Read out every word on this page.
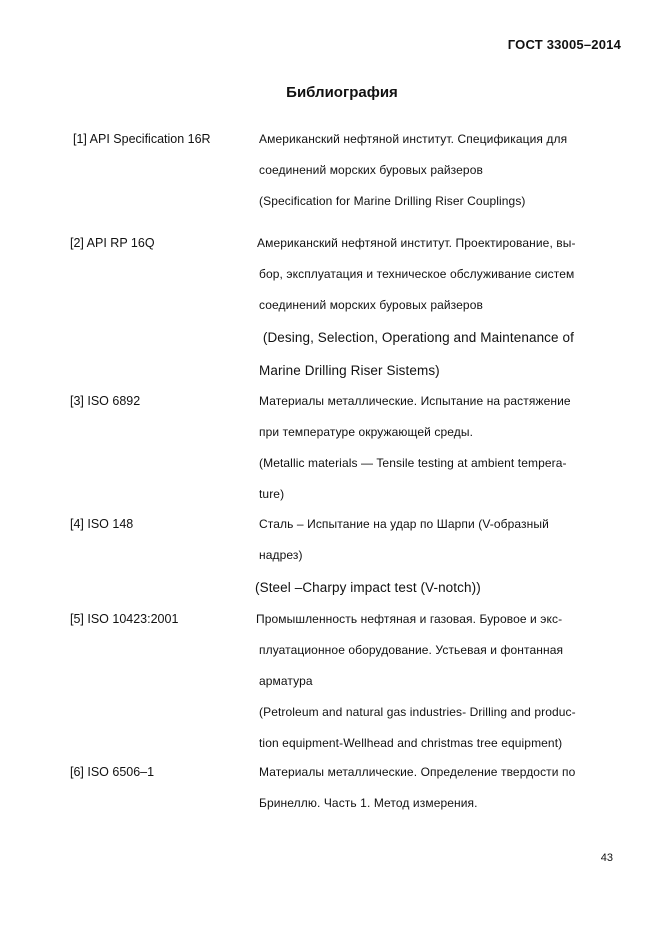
ГОСТ 33005–2014
Библиография
[1] API Specification 16R	Американский нефтяной институт. Спецификация для
соединений морских буровых райзеров
(Specification for Marine Drilling Riser Couplings)
[2] API RP 16Q	Американский нефтяной институт. Проектирование, вы-
бор, эксплуатация и техническое обслуживание систем
соединений морских буровых райзеров
(Desing, Selection, Operationg and Maintenance of
Marine Drilling Riser Sistems)
[3] ISO 6892	Материалы металлические. Испытание на растяжение
при температуре окружающей среды.
(Metallic materials — Tensile testing at ambient tempera-
ture)
[4] ISO 148	Сталь – Испытание на удар по Шарпи (V-образный
надрез)
(Steel –Charpy impact test (V-notch))
[5] ISO 10423:2001	Промышленность нефтяная и газовая. Буровое и экс-
плуатационное оборудование. Устьевая и фонтанная
арматура
(Petroleum and natural gas industries- Drilling and produc-
tion equipment-Wellhead and christmas tree equipment)
[6] ISO 6506–1	Материалы металлические. Определение твердости по
Бринеллю. Часть 1. Метод измерения.
43
